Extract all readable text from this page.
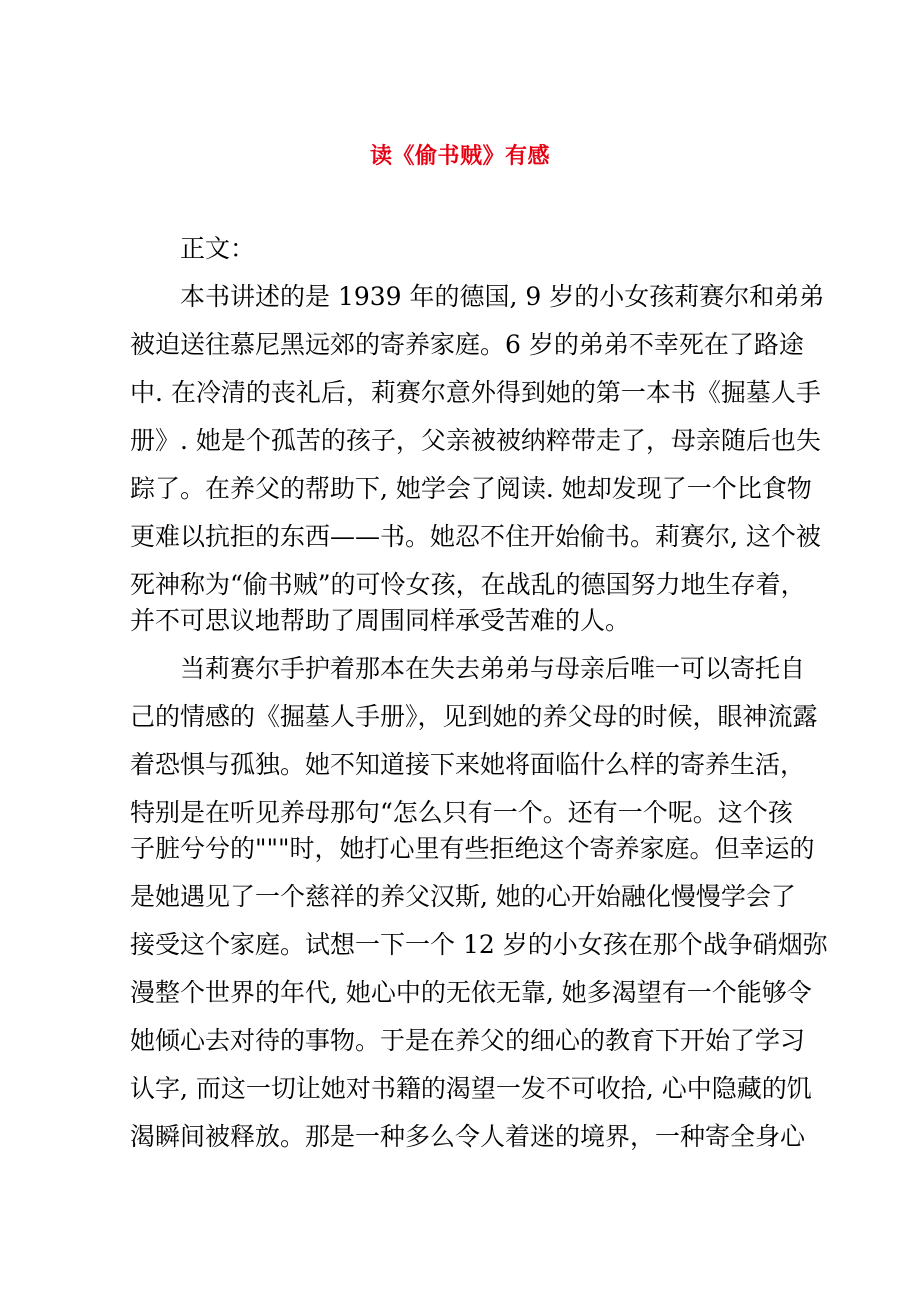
读《偷书贼》有感
正文：
本书讲述的是 1939 年的德国, 9 岁的小女孩莉赛尔和弟弟
被迫送往慕尼黑远郊的寄养家庭。6 岁的弟弟不幸死在了路途
中. 在冷清的丧礼后，莉赛尔意外得到她的第一本书《掘墓人手
册》. 她是个孤苦的孩子，父亲被被纳粹带走了，母亲随后也失
踪了。在养父的帮助下, 她学会了阅读. 她却发现了一个比食物
更难以抗拒的东西——书。她忍不住开始偷书。莉赛尔, 这个被
死神称为“偷书贼”的可怜女孩，在战乱的德国努力地生存着，
并不可思议地帮助了周围同样承受苦难的人。
当莉赛尔手护着那本在失去弟弟与母亲后唯一可以寄托自
己的情感的《掘墓人手册》，见到她的养父母的时候，眼神流露
着恐惧与孤独。她不知道接下来她将面临什么样的寄养生活，
特别是在听见养母那句“怎么只有一个。还有一个呢。这个孩
子脏兮兮的"""时，她打心里有些拒绝这个寄养家庭。但幸运的
是她遇见了一个慈祥的养父汉斯, 她的心开始融化慢慢学会了
接受这个家庭。试想一下一个 12 岁的小女孩在那个战争硝烟弥
漫整个世界的年代, 她心中的无依无靠, 她多渴望有一个能够令
她倾心去对待的事物。于是在养父的细心的教育下开始了学习
认字, 而这一切让她对书籍的渴望一发不可收拾, 心中隐藏的饥
渴瞬间被释放。那是一种多么令人着迷的境界，一种寄全身心
